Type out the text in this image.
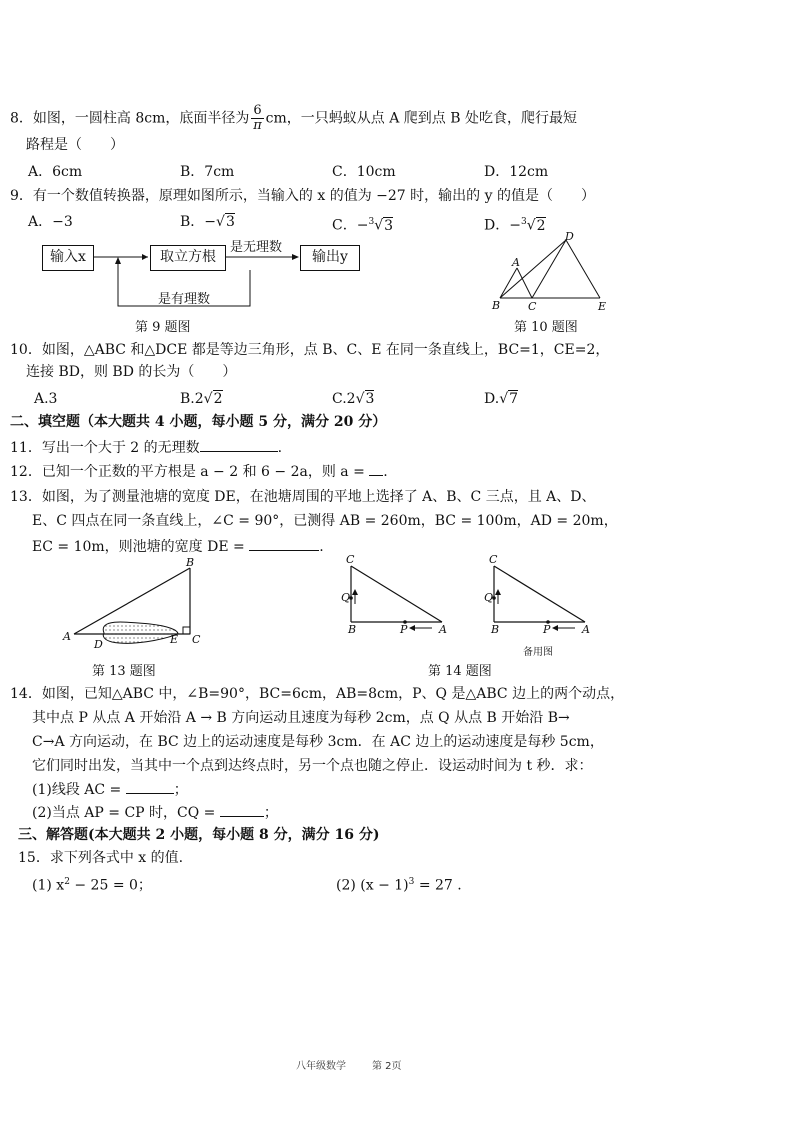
8．如图，一圆柱高 8cm，底面半径为 $\frac{6}{\pi}$ cm，一只蚂蚁从点 A 爬到点 B 处吃食，爬行最短
路程是（　　）
A．6cm	B．7cm	C．10cm	D．12cm
9．有一个数值转换器，原理如图所示，当输入的 x 的值为 −27 时，输出的 y 的值是（　　）
A．−3	B．−√3	C．−$^3$√3	D．−$^3$√2
输入x	取立方根	输出y
是无理数
是有理数
第 9 题图
A
B	C
D
E
第 10 题图
10．如图，△ABC 和△DCE 都是等边三角形，点 B、C、E 在同一条直线上，BC=1，CE=2，
连接 BD，则 BD 的长为（　　）
A.3	B.2√2	C.2√3	D.√7
二、填空题（本大题共 4 小题，每小题 5 分，满分 20 分）
11．写出一个大于 2 的无理数	.
12．已知一个正数的平方根是 a − 2 和 6 − 2a，则 a = .
13．如图，为了测量池塘的宽度 DE，在池塘周围的平地上选择了 A、B、C 三点，且 A、D、
E、C 四点在同一条直线上，∠C = 90°，已测得 AB = 260m，BC = 100m，AD = 20m，
EC = 10m，则池塘的宽度 DE =	.
A
B
C
D	E
第 13 题图
C
Q
B	P	A
C
Q
B	P	A
第 14 题图
备用图
14．如图，已知△ABC 中，∠B=90°，BC=6cm，AB=8cm，P、Q 是△ABC 边上的两个动点，
其中点 P 从点 A 开始沿 A → B 方向运动且速度为每秒 2cm，点 Q 从点 B 开始沿 B→
C→A 方向运动，在 BC 边上的运动速度是每秒 3cm．在 AC 边上的运动速度是每秒 5cm，
它们同时出发，当其中一个点到达终点时，另一个点也随之停止．设运动时间为 t 秒．求：
(1)线段 AC =	；
(2)当点 AP = CP 时，CQ =	；
三、解答题(本大题共 2 小题，每小题 8 分，满分 16 分)
15．求下列各式中 x 的值.
(1) $x^2 - 25 = 0$；	(2) $(x - 1)^3 = 27$ .
八年级数学	第 2页
